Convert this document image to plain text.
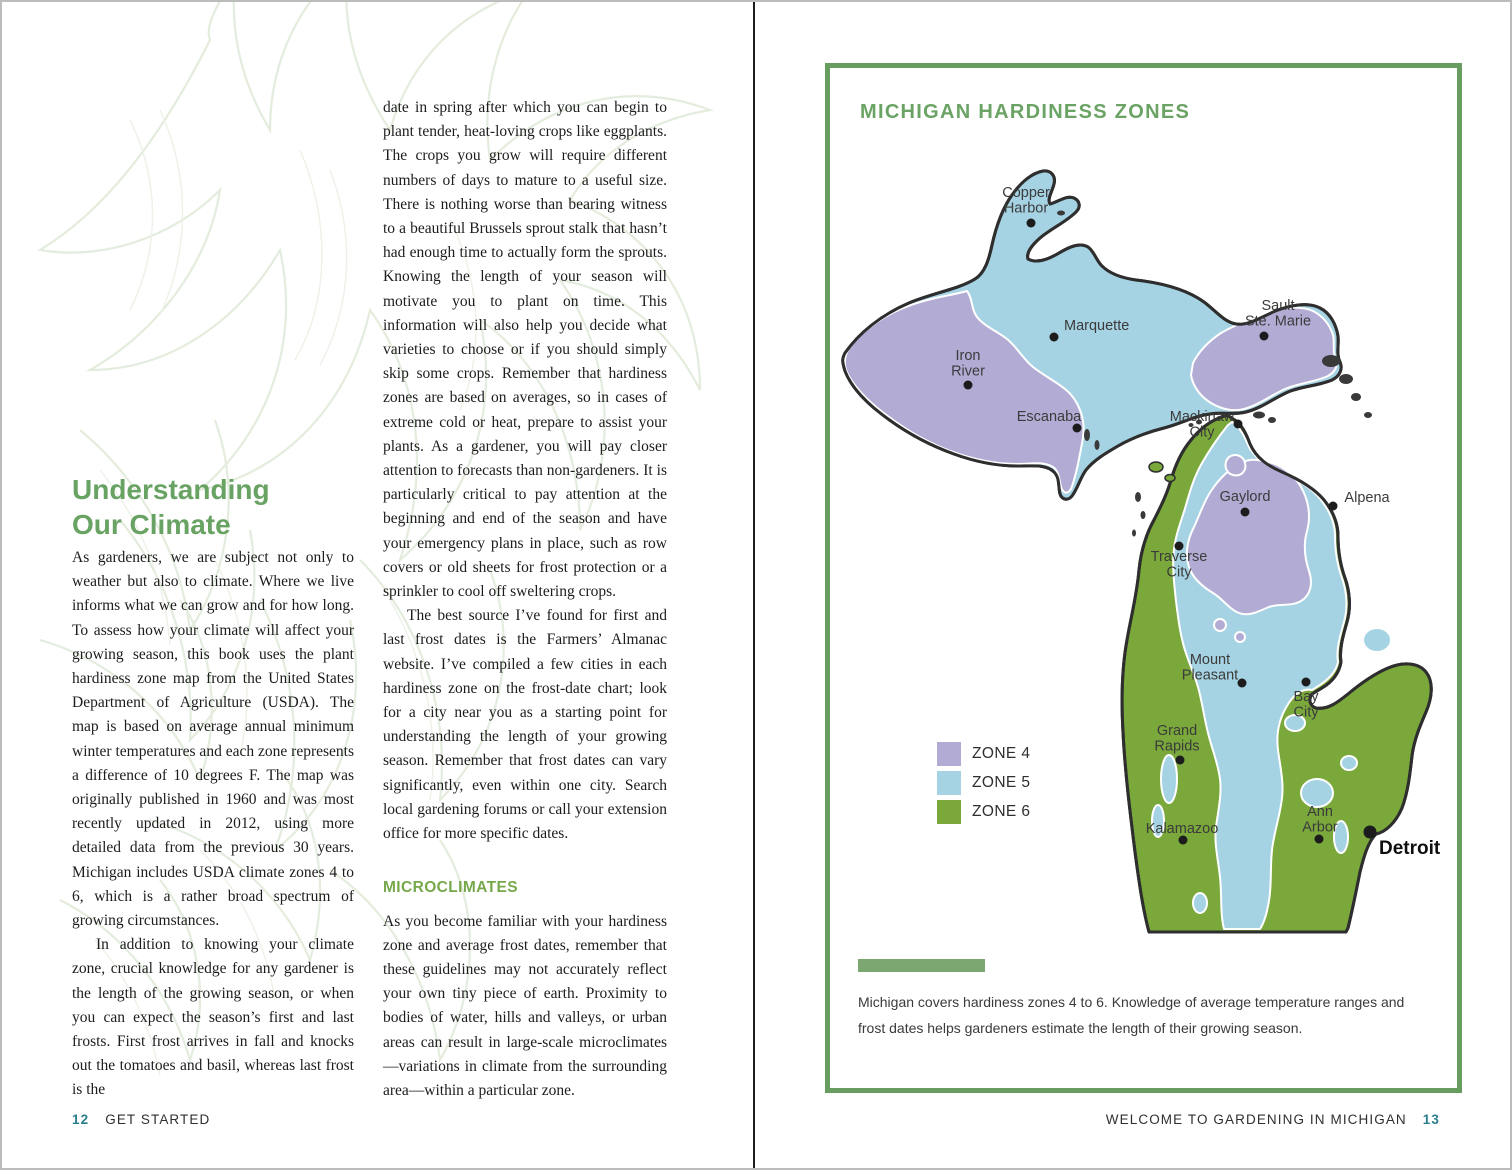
Understanding
Our Climate

As gardeners, we are subject not only to weather but also to climate. Where we live informs what we can grow and for how long. To assess how your climate will affect your growing season, this book uses the plant hardiness zone map from the United States Department of Agriculture (USDA). The map is based on average annual minimum winter temperatures and each zone represents a difference of 10 degrees F. The map was originally published in 1960 and was most recently updated in 2012, using more detailed data from the previous 30 years. Michigan includes USDA climate zones 4 to 6, which is a rather broad spectrum of growing circumstances.

In addition to knowing your climate zone, crucial knowledge for any gardener is the length of the growing season, or when you can expect the season’s first and last frosts. First frost arrives in fall and knocks out the tomatoes and basil, whereas last frost is the

date in spring after which you can begin to plant tender, heat-loving crops like eggplants. The crops you grow will require different numbers of days to mature to a useful size. There is nothing worse than bearing witness to a beautiful Brussels sprout stalk that hasn’t had enough time to actually form the sprouts. Knowing the length of your season will motivate you to plant on time. This information will also help you decide what varieties to choose or if you should simply skip some crops. Remember that hardiness zones are based on averages, so in cases of extreme cold or heat, prepare to assist your plants. As a gardener, you will pay closer attention to forecasts than non-gardeners. It is particularly critical to pay attention at the beginning and end of the season and have your emergency plans in place, such as row covers or old sheets for frost protection or a sprinkler to cool off sweltering crops.

The best source I’ve found for first and last frost dates is the Farmers’ Almanac website. I’ve compiled a few cities in each hardiness zone on the frost-date chart; look for a city near you as a starting point for understanding the length of your growing season. Remember that frost dates can vary significantly, even within one city. Search local gardening forums or call your extension office for more specific dates.

MICROCLIMATES

As you become familiar with your hardiness zone and average frost dates, remember that these guidelines may not accurately reflect your own tiny piece of earth. Proximity to bodies of water, hills and valleys, or urban areas can result in large-scale microclimates—variations in climate from the surrounding area—within a particular zone.

12 GET STARTED
MICHIGAN HARDINESS ZONES
Copper Harbor
Iron River
Marquette
Sault Ste. Marie
Escanaba	Mackinaw City
Gaylord	Alpena
Traverse City
Mount Pleasant
Bay City
Grand Rapids
Kalamazoo
Ann Arbor
Detroit
ZONE 4
ZONE 5
ZONE 6
Michigan covers hardiness zones 4 to 6. Knowledge of average temperature ranges and frost dates helps gardeners estimate the length of their growing season.
WELCOME TO GARDENING IN MICHIGAN 13
